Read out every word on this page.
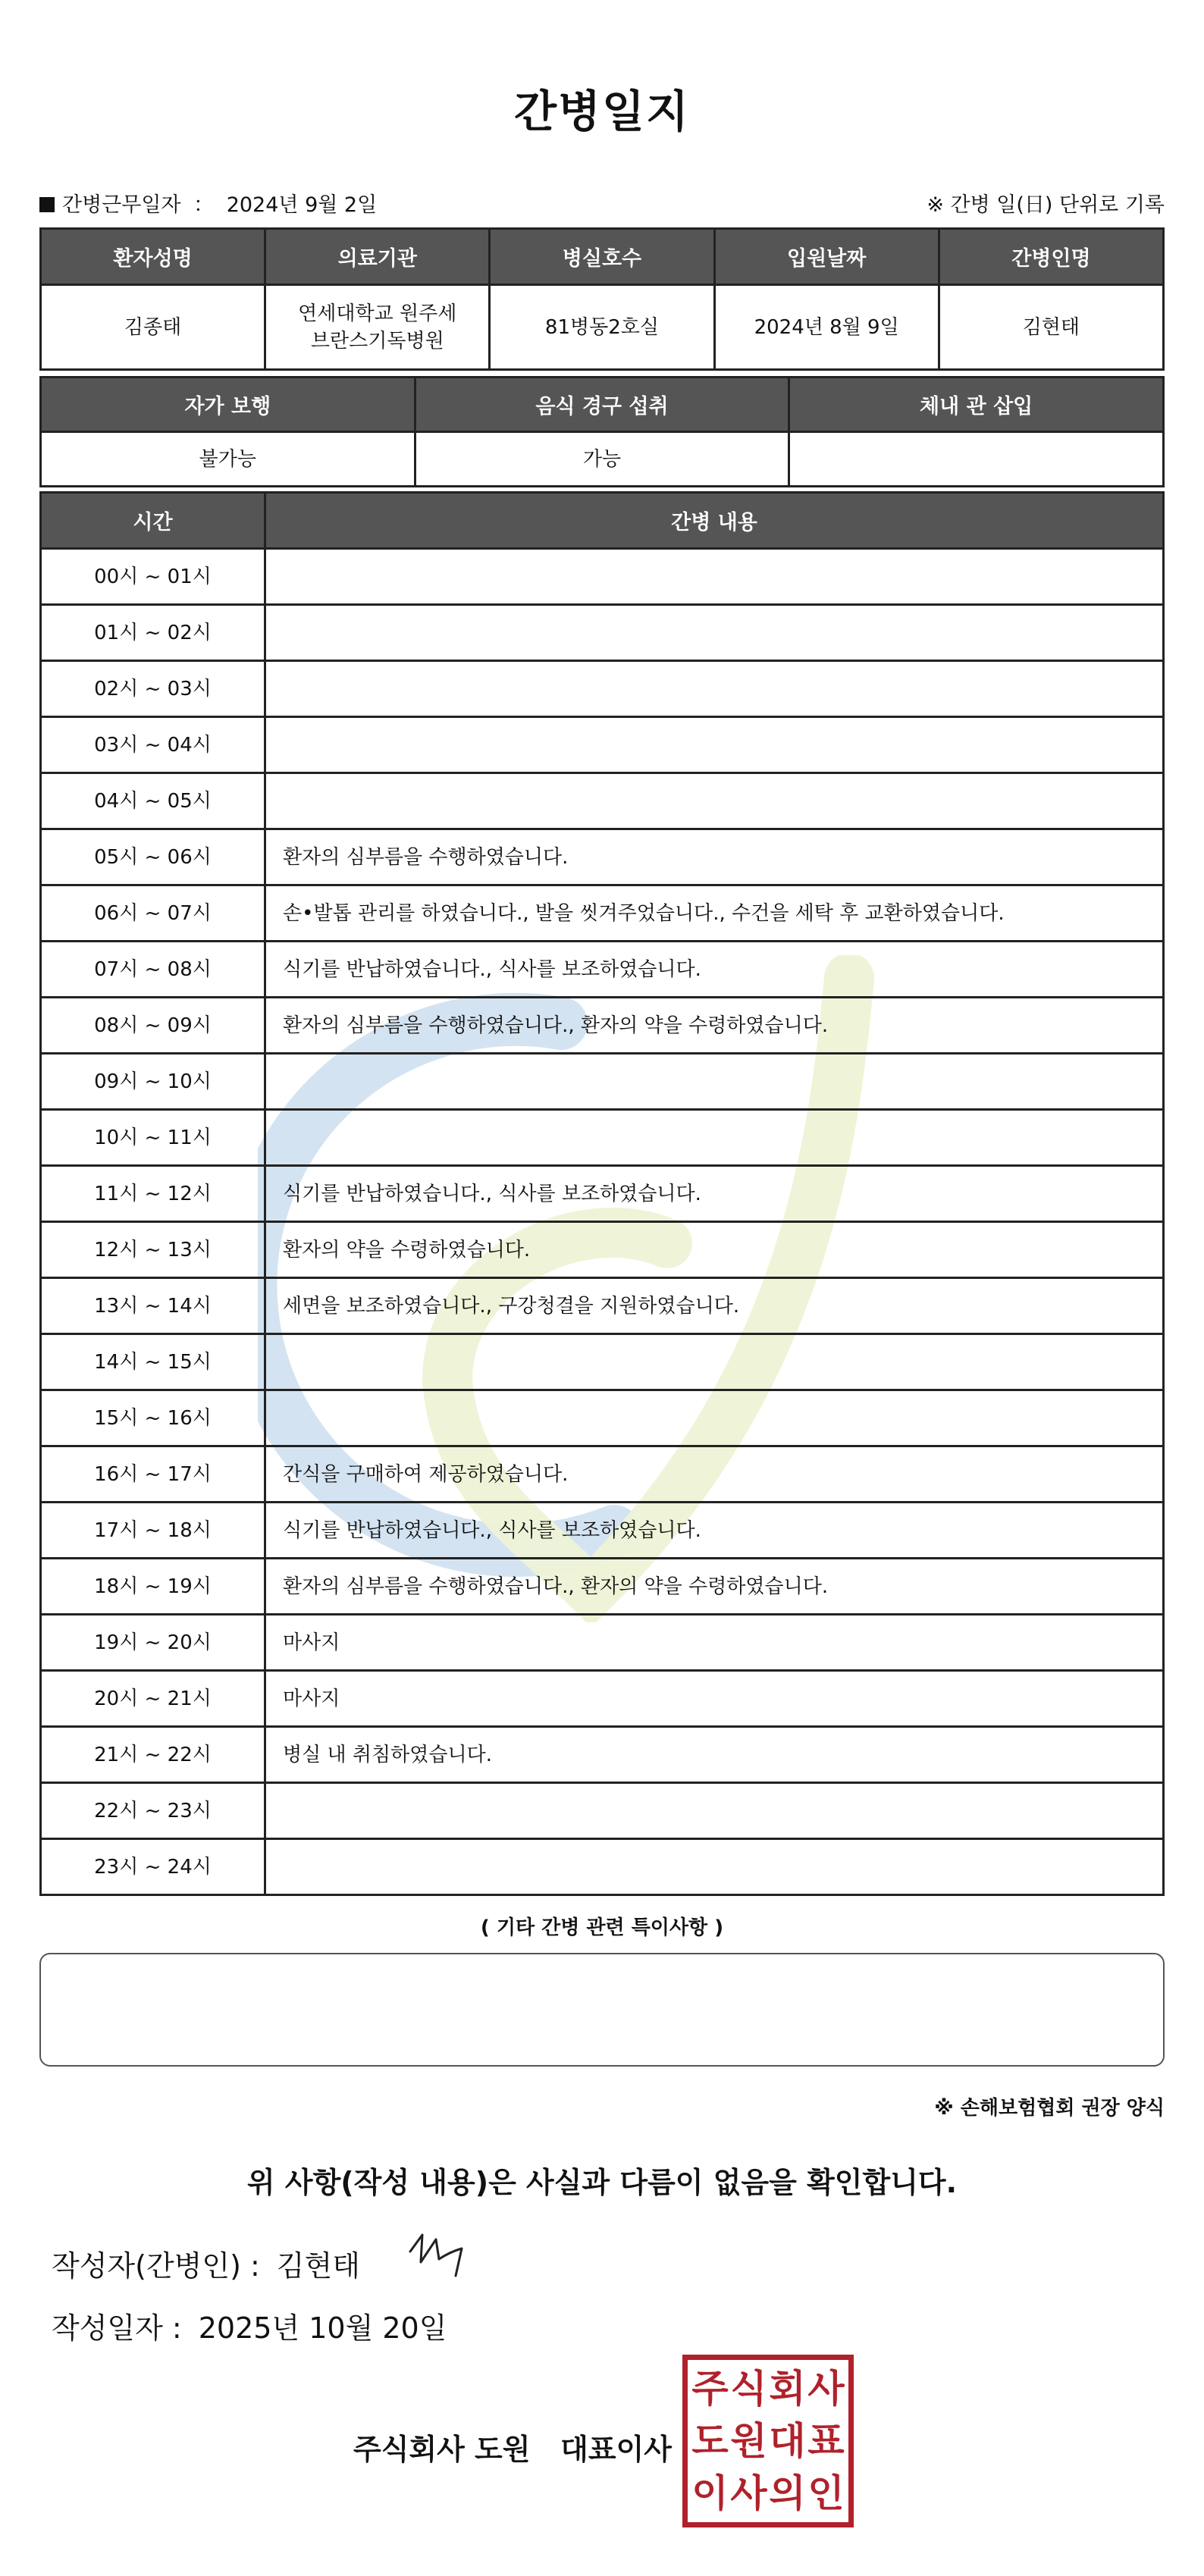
간병일지
간병근무일자 ： 2024년 9월 2일	※ 간병 일(日) 단위로 기록
환자성명	의료기관	병실호수	입원날짜	간병인명
김종태	연세대학교 원주세브란스기독병원	81병동2호실	2024년 8월 9일	김현태
자가 보행	음식 경구 섭취	체내 관 삽입
불가능	가능	
시간	간병 내용
00시 ~ 01시	
01시 ~ 02시	
02시 ~ 03시	
03시 ~ 04시	
04시 ~ 05시	
05시 ~ 06시	환자의 심부름을 수행하였습니다.
06시 ~ 07시	손•발톱 관리를 하였습니다., 발을 씻겨주었습니다., 수건을 세탁 후 교환하였습니다.
07시 ~ 08시	식기를 반납하였습니다., 식사를 보조하였습니다.
08시 ~ 09시	환자의 심부름을 수행하였습니다., 환자의 약을 수령하였습니다.
09시 ~ 10시	
10시 ~ 11시	
11시 ~ 12시	식기를 반납하였습니다., 식사를 보조하였습니다.
12시 ~ 13시	환자의 약을 수령하였습니다.
13시 ~ 14시	세면을 보조하였습니다., 구강청결을 지원하였습니다.
14시 ~ 15시	
15시 ~ 16시	
16시 ~ 17시	간식을 구매하여 제공하였습니다.
17시 ~ 18시	식기를 반납하였습니다., 식사를 보조하였습니다.
18시 ~ 19시	환자의 심부름을 수행하였습니다., 환자의 약을 수령하였습니다.
19시 ~ 20시	마사지
20시 ~ 21시	마사지
21시 ~ 22시	병실 내 취침하였습니다.
22시 ~ 23시	
23시 ~ 24시	
( 기타 간병 관련 특이사항 )
※ 손해보험협회 권장 양식
위 사항(작성 내용)은 사실과 다름이 없음을 확인합니다.
작성자(간병인) : 김현태
작성일자 : 2025년 10월 20일
주식회사 도원   대표이사
주 식 회 사
도 원 대 표
이 사 의 인
